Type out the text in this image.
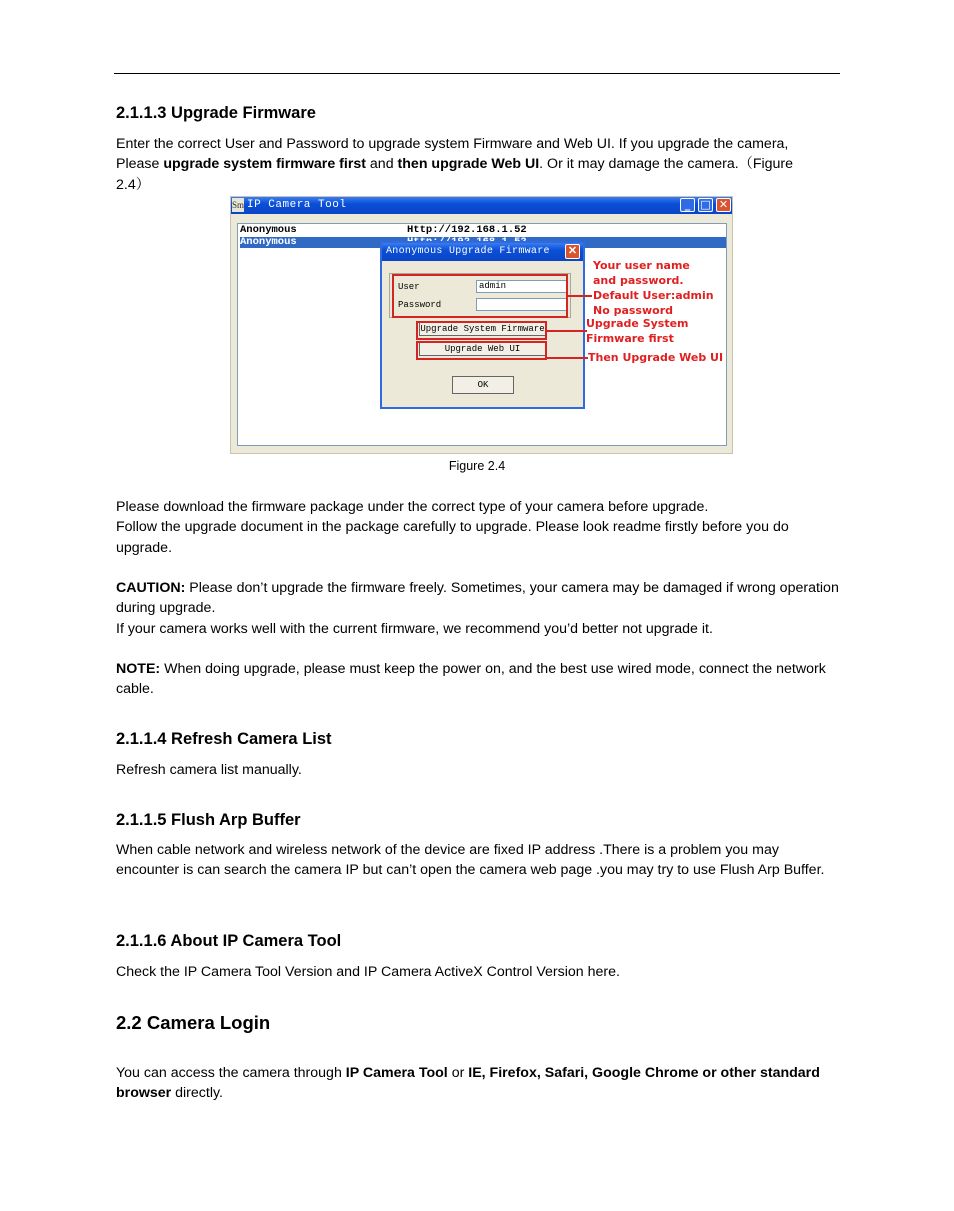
2.1.1.3 Upgrade Firmware

Enter the correct User and Password to upgrade system Firmware and Web UI. If you upgrade the camera,
Please upgrade system firmware first and then upgrade Web UI. Or it may damage the camera.（Figure
2.4）

Sm IP Camera Tool	_ □ ✕
Anonymous	Http://192.168.1.52
Anonymous
Anonymous Upgrade Firmware ✕
User	admin
Password
Upgrade System Firmware
Upgrade Web UI
OK
Your user name
and password.
Default User:admin
No password
Upgrade System
Firmware first
Then Upgrade Web UI
Figure 2.4

Please download the firmware package under the correct type of your camera before upgrade.
Follow the upgrade document in the package carefully to upgrade. Please look readme firstly before you do upgrade.

CAUTION: Please don’t upgrade the firmware freely. Sometimes, your camera may be damaged if wrong operation during upgrade.
If your camera works well with the current firmware, we recommend you’d better not upgrade it.

NOTE: When doing upgrade, please must keep the power on, and the best use wired mode, connect the network cable.

2.1.1.4 Refresh Camera List

Refresh camera list manually.

2.1.1.5 Flush Arp Buffer

When cable network and wireless network of the device are fixed IP address .There is a problem you may encounter is can search the camera IP but can’t open the camera web page .you may try to use Flush Arp Buffer.

2.1.1.6 About IP Camera Tool

Check the IP Camera Tool Version and IP Camera ActiveX Control Version here.

2.2 Camera Login

You can access the camera through IP Camera Tool or IE, Firefox, Safari, Google Chrome or other standard browser directly.
